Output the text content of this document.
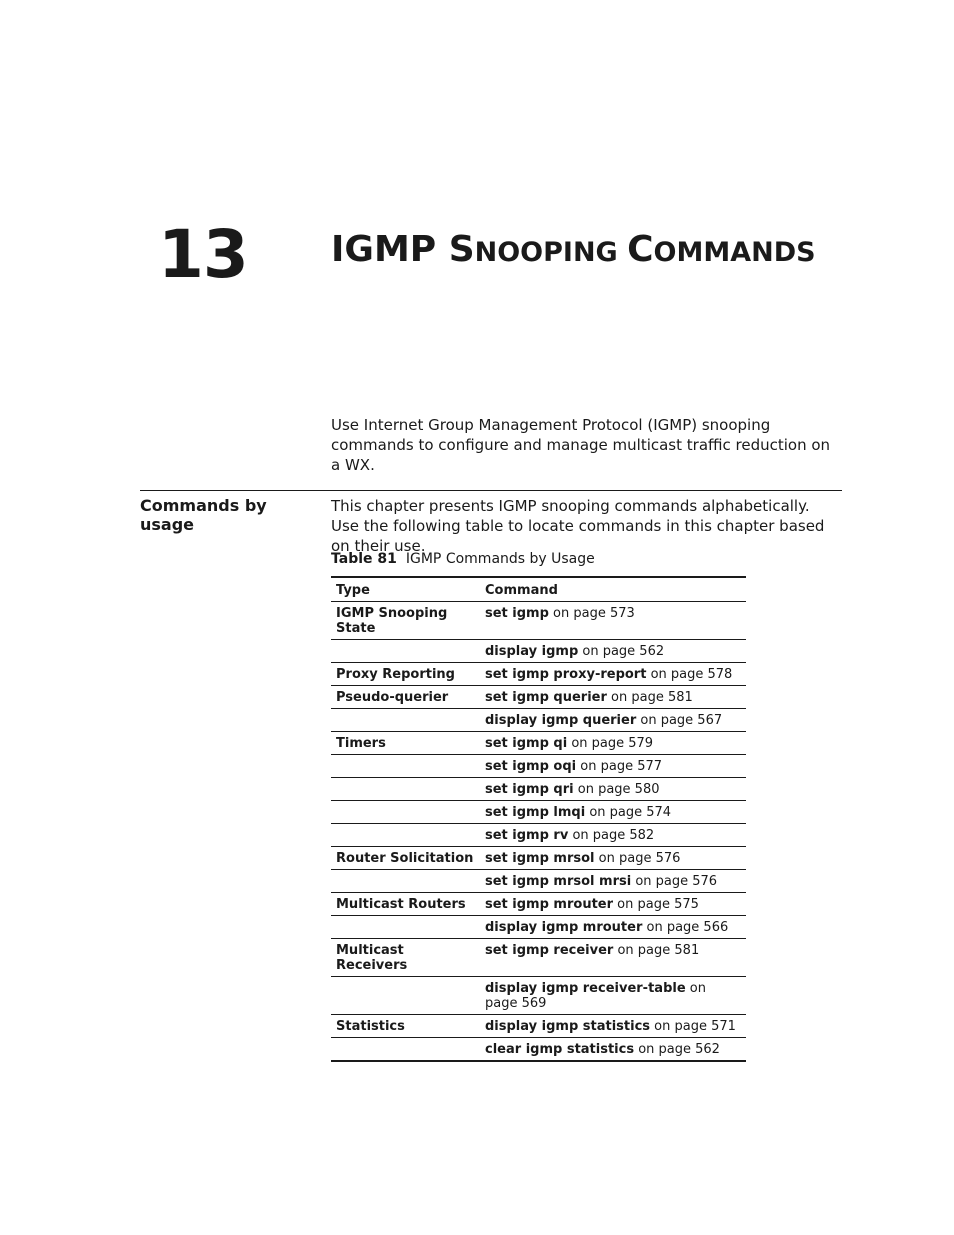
13 IGMP SNOOPING COMMANDS
Use Internet Group Management Protocol (IGMP) snooping commands to configure and manage multicast traffic reduction on a WX.
Commands by usage
This chapter presents IGMP snooping commands alphabetically. Use the following table to locate commands in this chapter based on their use.
Table 81 IGMP Commands by Usage
Type	Command
IGMP Snooping State	set igmp on page 573
	display igmp on page 562
Proxy Reporting	set igmp proxy-report on page 578
Pseudo-querier	set igmp querier on page 581
	display igmp querier on page 567
Timers	set igmp qi on page 579
	set igmp oqi on page 577
	set igmp qri on page 580
	set igmp lmqi on page 574
	set igmp rv on page 582
Router Solicitation	set igmp mrsol on page 576
	set igmp mrsol mrsi on page 576
Multicast Routers	set igmp mrouter on page 575
	display igmp mrouter on page 566
Multicast Receivers	set igmp receiver on page 581
	display igmp receiver-table on page 569
Statistics	display igmp statistics on page 571
	clear igmp statistics on page 562
